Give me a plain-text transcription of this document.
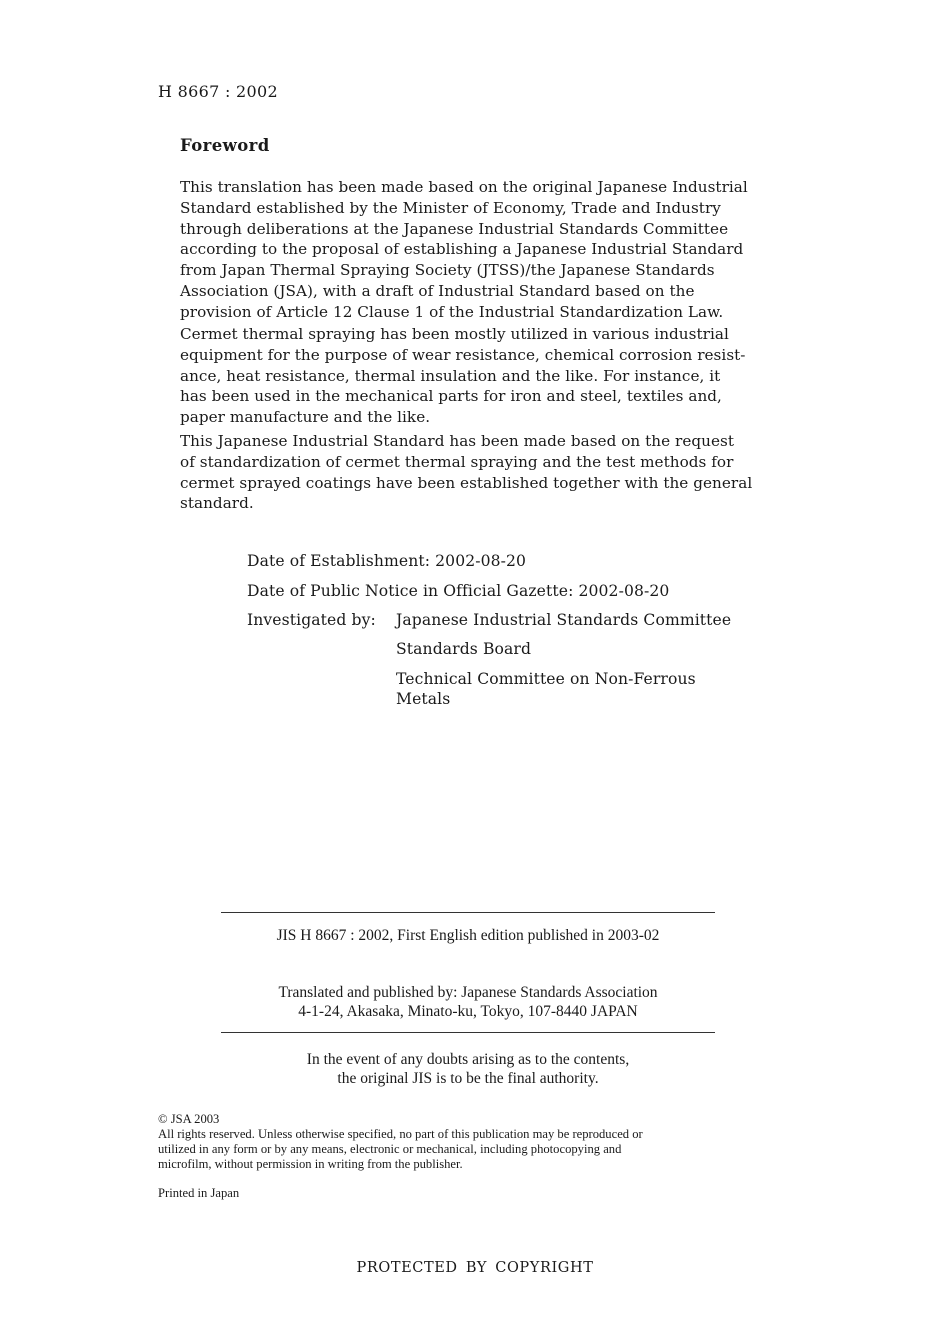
H 8667 : 2002
Foreword
This translation has been made based on the original Japanese Industrial
Standard established by the Minister of Economy, Trade and Industry
through deliberations at the Japanese Industrial Standards Committee
according to the proposal of establishing a Japanese Industrial Standard
from Japan Thermal Spraying Society (JTSS)/the Japanese Standards
Association (JSA), with a draft of Industrial Standard based on the
provision of Article 12 Clause 1 of the Industrial Standardization Law.
Cermet thermal spraying has been mostly utilized in various industrial
equipment for the purpose of wear resistance, chemical corrosion resist-
ance, heat resistance, thermal insulation and the like. For instance, it
has been used in the mechanical parts for iron and steel, textiles and,
paper manufacture and the like.
This Japanese Industrial Standard has been made based on the request
of standardization of cermet thermal spraying and the test methods for
cermet sprayed coatings have been established together with the general
standard.
Date of Establishment: 2002-08-20
Date of Public Notice in Official Gazette: 2002-08-20
Investigated by: Japanese Industrial Standards Committee
Standards Board
Technical Committee on Non-Ferrous
Metals
JIS H 8667 : 2002, First English edition published in 2003-02
Translated and published by: Japanese Standards Association
4-1-24, Akasaka, Minato-ku, Tokyo, 107-8440 JAPAN
In the event of any doubts arising as to the contents,
the original JIS is to be the final authority.
© JSA 2003
All rights reserved. Unless otherwise specified, no part of this publication may be reproduced or
utilized in any form or by any means, electronic or mechanical, including photocopying and
microfilm, without permission in writing from the publisher.
Printed in Japan
PROTECTED BY COPYRIGHT
